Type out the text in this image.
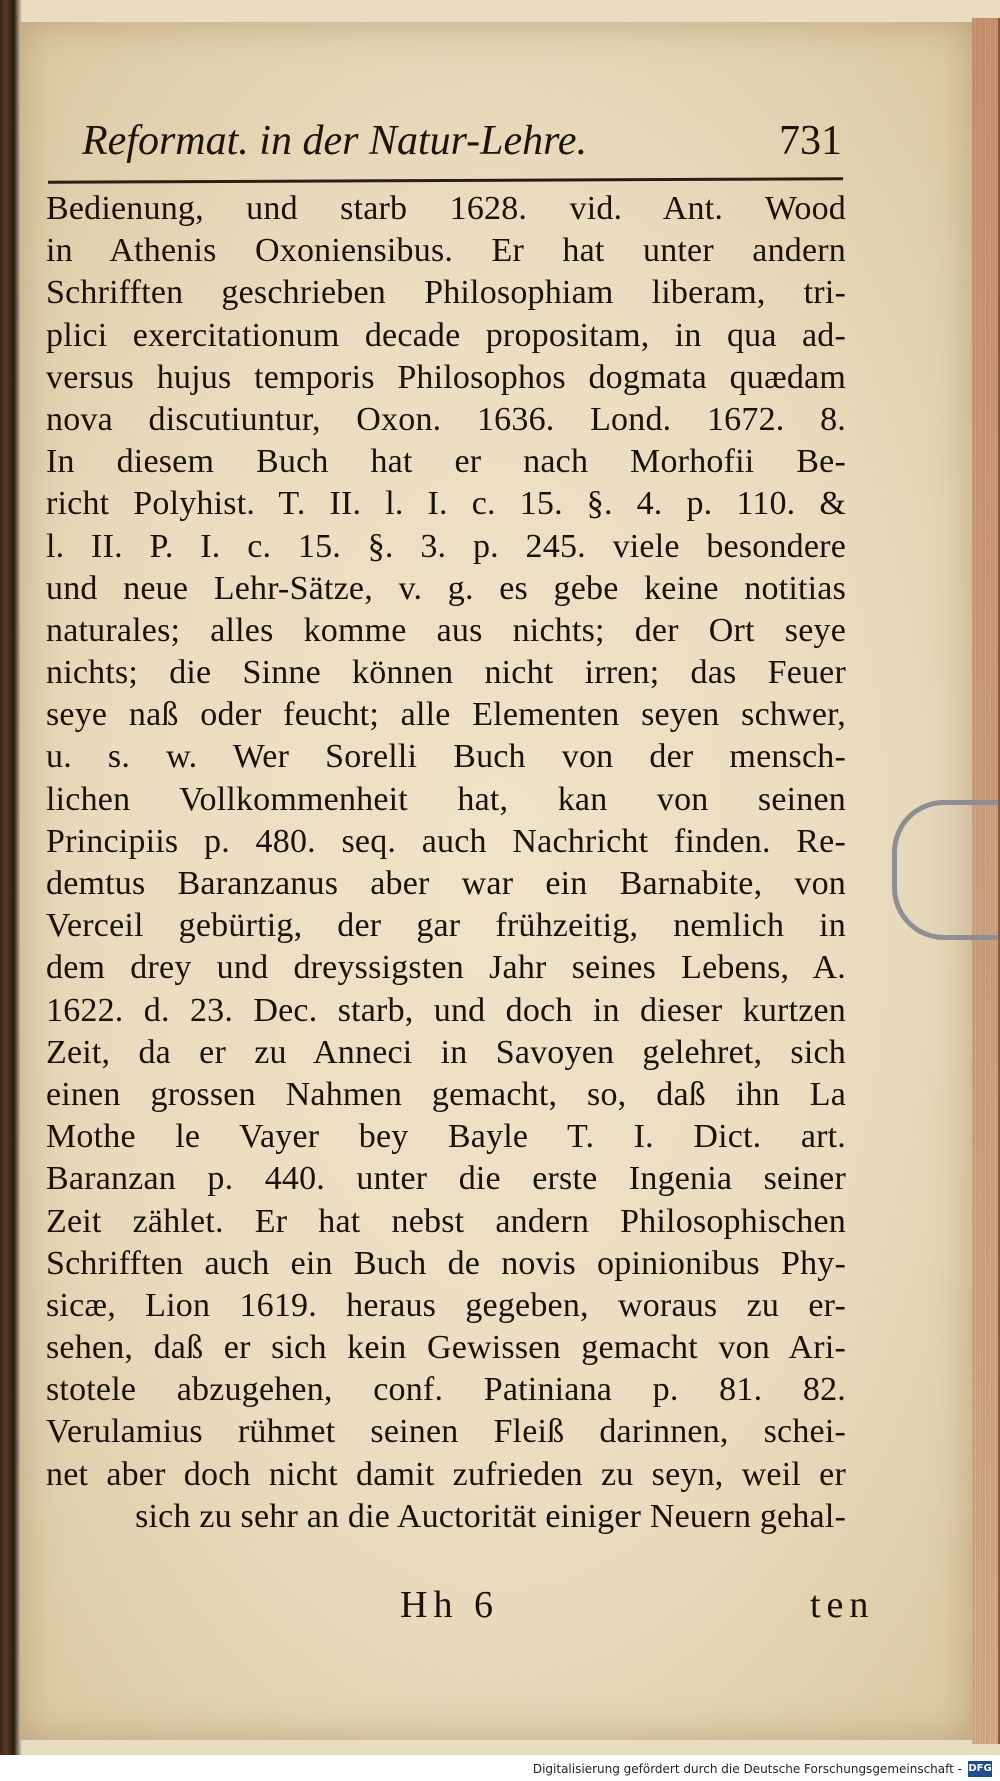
Reformat. in der Natur-Lehre.	731
Bedienung, und starb 1628. vid. Ant. Wood
in Athenis Oxoniensibus. Er hat unter andern
Schrifften geschrieben Philosophiam liberam, tri-
plici exercitationum decade propositam, in qua ad-
versus hujus temporis Philosophos dogmata quædam
nova discutiuntur, Oxon. 1636. Lond. 1672. 8.
In diesem Buch hat er nach Morhofii Be-
richt Polyhist. T. II. l. I. c. 15. §. 4. p. 110. &
l. II. P. I. c. 15. §. 3. p. 245. viele besondere
und neue Lehr-Sätze, v. g. es gebe keine notitias
naturales; alles komme aus nichts; der Ort seye
nichts; die Sinne können nicht irren; das Feuer
seye naß oder feucht; alle Elementen seyen schwer,
u. s. w. Wer Sorelli Buch von der mensch-
lichen Vollkommenheit hat, kan von seinen
Principiis p. 480. seq. auch Nachricht finden. Re-
demtus Baranzanus aber war ein Barnabite, von
Verceil gebürtig, der gar frühzeitig, nemlich in
dem drey und dreyssigsten Jahr seines Lebens, A.
1622. d. 23. Dec. starb, und doch in dieser kurtzen
Zeit, da er zu Anneci in Savoyen gelehret, sich
einen grossen Nahmen gemacht, so, daß ihn La
Mothe le Vayer bey Bayle T. I. Dict. art.
Baranzan p. 440. unter die erste Ingenia seiner
Zeit zählet. Er hat nebst andern Philosophischen
Schrifften auch ein Buch de novis opinionibus Phy-
sicæ, Lion 1619. heraus gegeben, woraus zu er-
sehen, daß er sich kein Gewissen gemacht von Ari-
stotele abzugehen, conf. Patiniana p. 81. 82.
Verulamius rühmet seinen Fleiß darinnen, schei-
net aber doch nicht damit zufrieden zu seyn, weil er
sich zu sehr an die Auctorität einiger Neuern gehal-
Hh 6	ten
Digitalisierung gefördert durch die Deutsche Forschungsgemeinschaft - DFG
